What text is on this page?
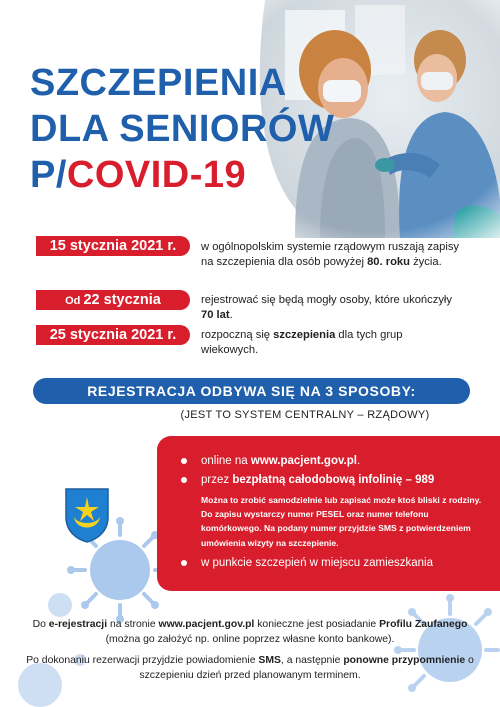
SZCZEPIENIA
DLA SENIORÓW
P/COVID-19
15 stycznia 2021 r.	w ogólnopolskim systemie rządowym ruszają zapisy na szczepienia dla osób powyżej 80. roku życia.
Od 22 stycznia	rejestrować się będą mogły osoby, które ukończyły 70 lat.
25 stycznia 2021 r.	rozpoczną się szczepienia dla tych grup wiekowych.
REJESTRACJA ODBYWA SIĘ NA 3 SPOSOBY:
(JEST TO SYSTEM CENTRALNY – RZĄDOWY)
online na www.pacjent.gov.pl.
przez bezpłatną całodobową infolinię – 989
Można to zrobić samodzielnie lub zapisać może ktoś bliski z rodziny. Do zapisu wystarczy numer PESEL oraz numer telefonu komórkowego. Na podany numer przyjdzie SMS z potwierdzeniem umówienia wizyty na szczepienie.
w punkcie szczepień w miejscu zamieszkania

Do e-rejestracji na stronie www.pacjent.gov.pl konieczne jest posiadanie Profilu Zaufanego (można go założyć np. online poprzez własne konto bankowe).

Po dokonaniu rezerwacji przyjdzie powiadomienie SMS, a następnie ponowne przypomnienie o szczepieniu dzień przed planowanym terminem.
